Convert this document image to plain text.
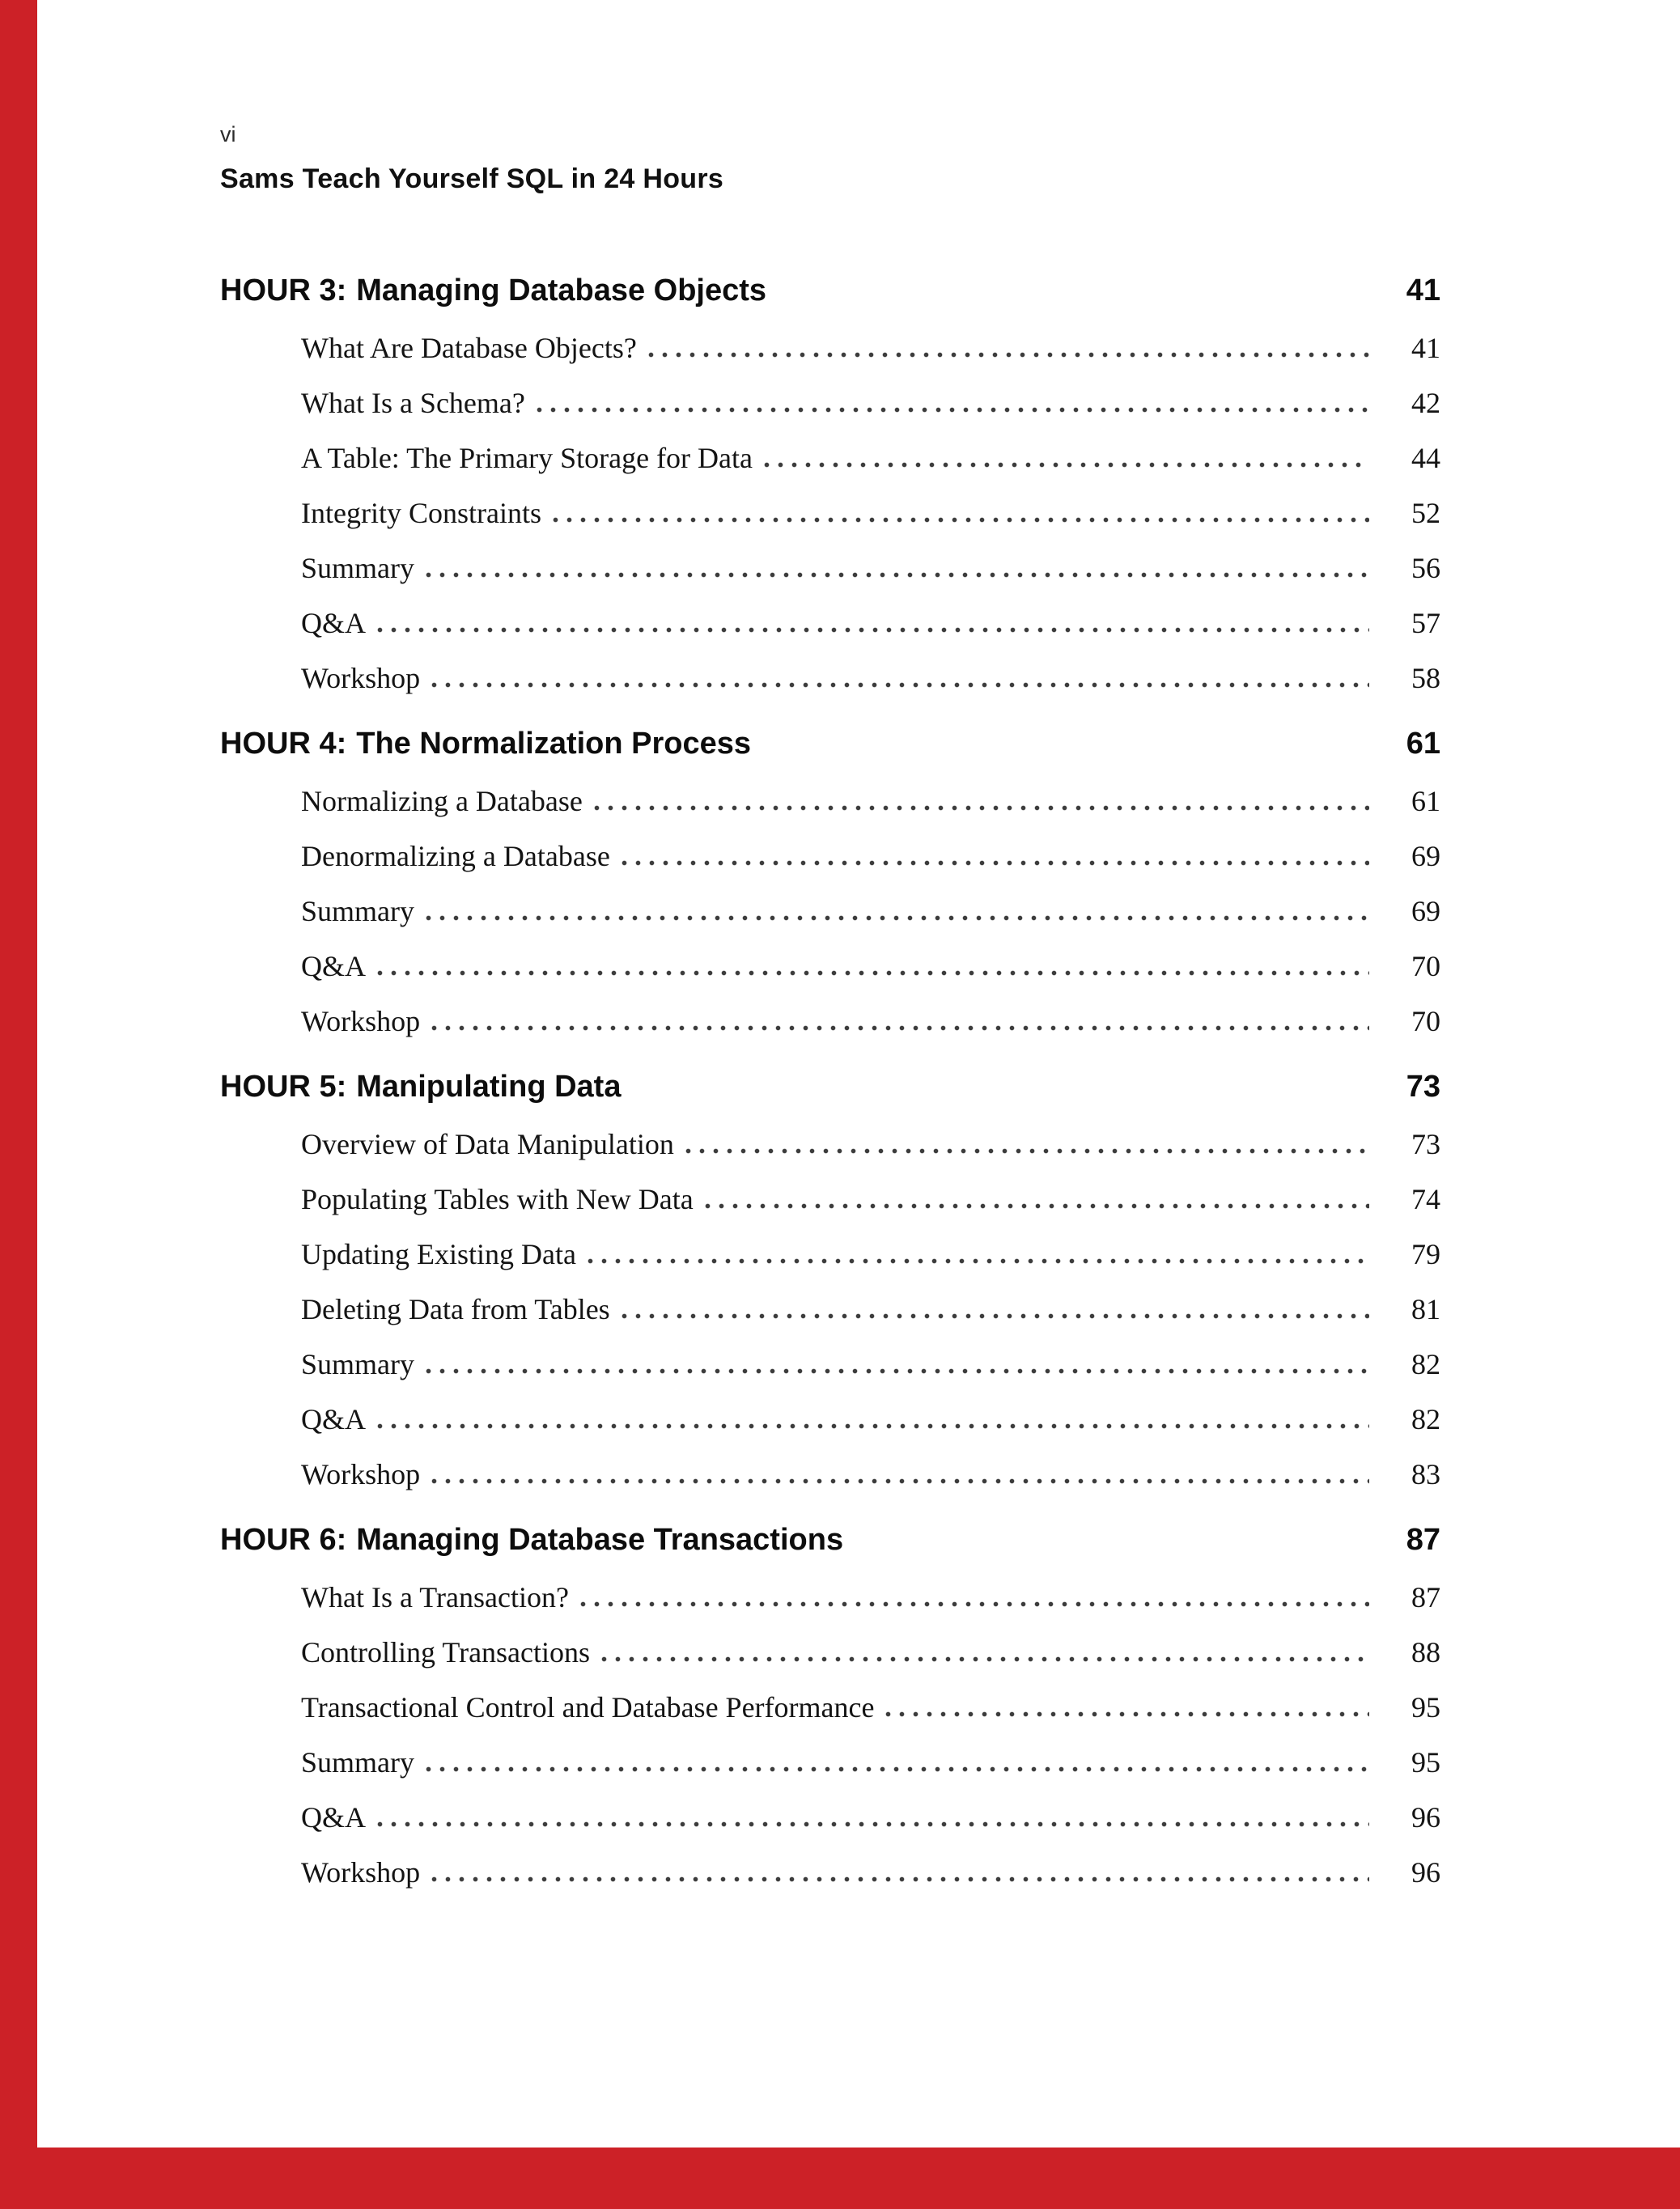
vi
Sams Teach Yourself SQL in 24 Hours
HOUR 3: Managing Database Objects	41
What Are Database Objects?	41
What Is a Schema?	42
A Table: The Primary Storage for Data	44
Integrity Constraints	52
Summary	56
Q&A	57
Workshop	58
HOUR 4: The Normalization Process	61
Normalizing a Database	61
Denormalizing a Database	69
Summary	69
Q&A	70
Workshop	70
HOUR 5: Manipulating Data	73
Overview of Data Manipulation	73
Populating Tables with New Data	74
Updating Existing Data	79
Deleting Data from Tables	81
Summary	82
Q&A	82
Workshop	83
HOUR 6: Managing Database Transactions	87
What Is a Transaction?	87
Controlling Transactions	88
Transactional Control and Database Performance	95
Summary	95
Q&A	96
Workshop	96
